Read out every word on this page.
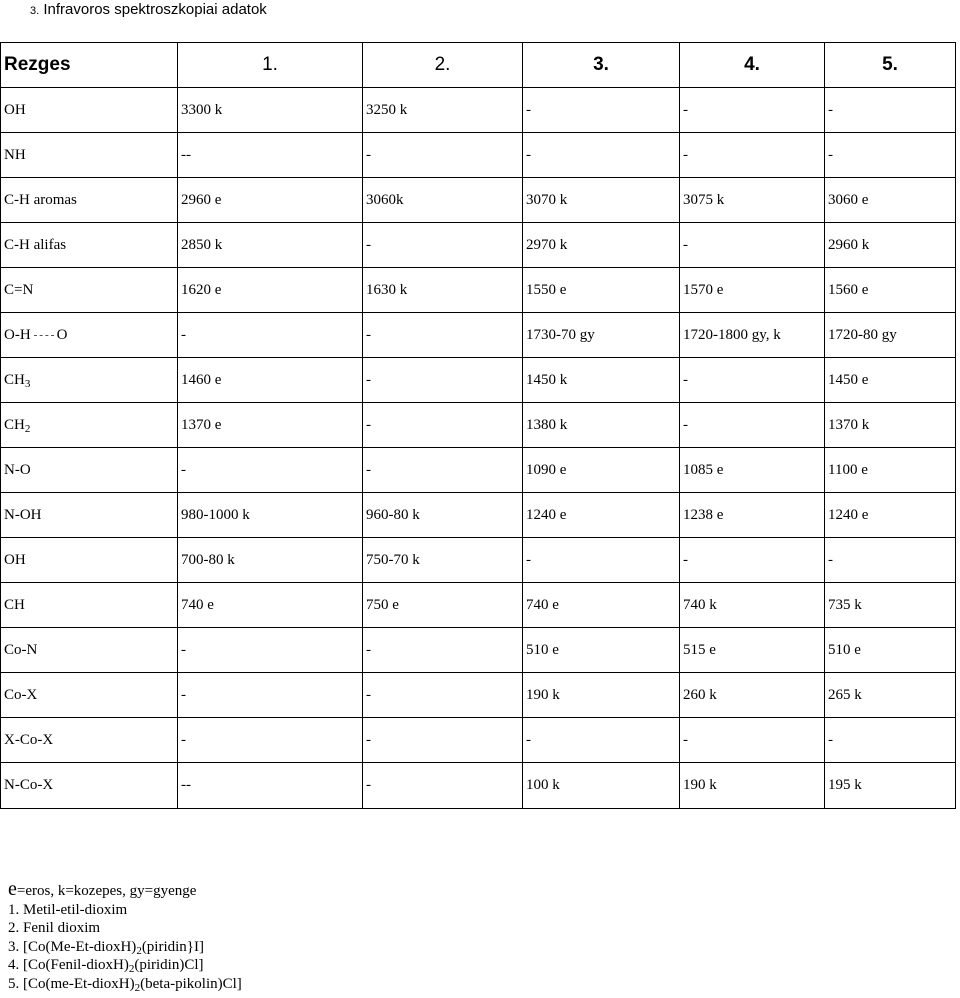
3. Infravoros spektroszkopiai adatok
Rezges	1.	2.	3.	4.	5.
OH	3300 k	3250 k	-	-	-
NH	--	-	-	-	-
C-H aromas	2960 e	3060k	3070 k	3075 k	3060 e
C-H alifas	2850 k	-	2970 k	-	2960 k
C=N	1620 e	1630 k	1550 e	1570 e	1560 e
O-H O	-	-	1730-70 gy	1720-1800 gy, k	1720-80 gy
$CH_3$	1460 e	-	1450 k	-	1450 e
$CH_2$	1370 e	-	1380 k	-	1370 k
N-O	-	-	1090 e	1085 e	1100 e
N-OH	980-1000 k	960-80 k	1240 e	1238 e	1240 e
OH	700-80 k	750-70 k	-	-	-
CH	740 e	750 e	740 e	740 k	735 k
Co-N	-	-	510 e	515 e	510 e
Co-X	-	-	190 k	260 k	265 k
X-Co-X	-	-	-	-	-
N-Co-X	--	-	100 k	190 k	195 k
e=eros, k=kozepes, gy=gyenge
1. Metil-etil-dioxim
2. Fenil dioxim
3. $[Co(Me-Et-dioxH)_2(piridin\}I]$
4. $[Co(Fenil-dioxH)_2(piridin)Cl]$
5. $[Co(me-Et-dioxH)_2(beta-pikolin)Cl]$
